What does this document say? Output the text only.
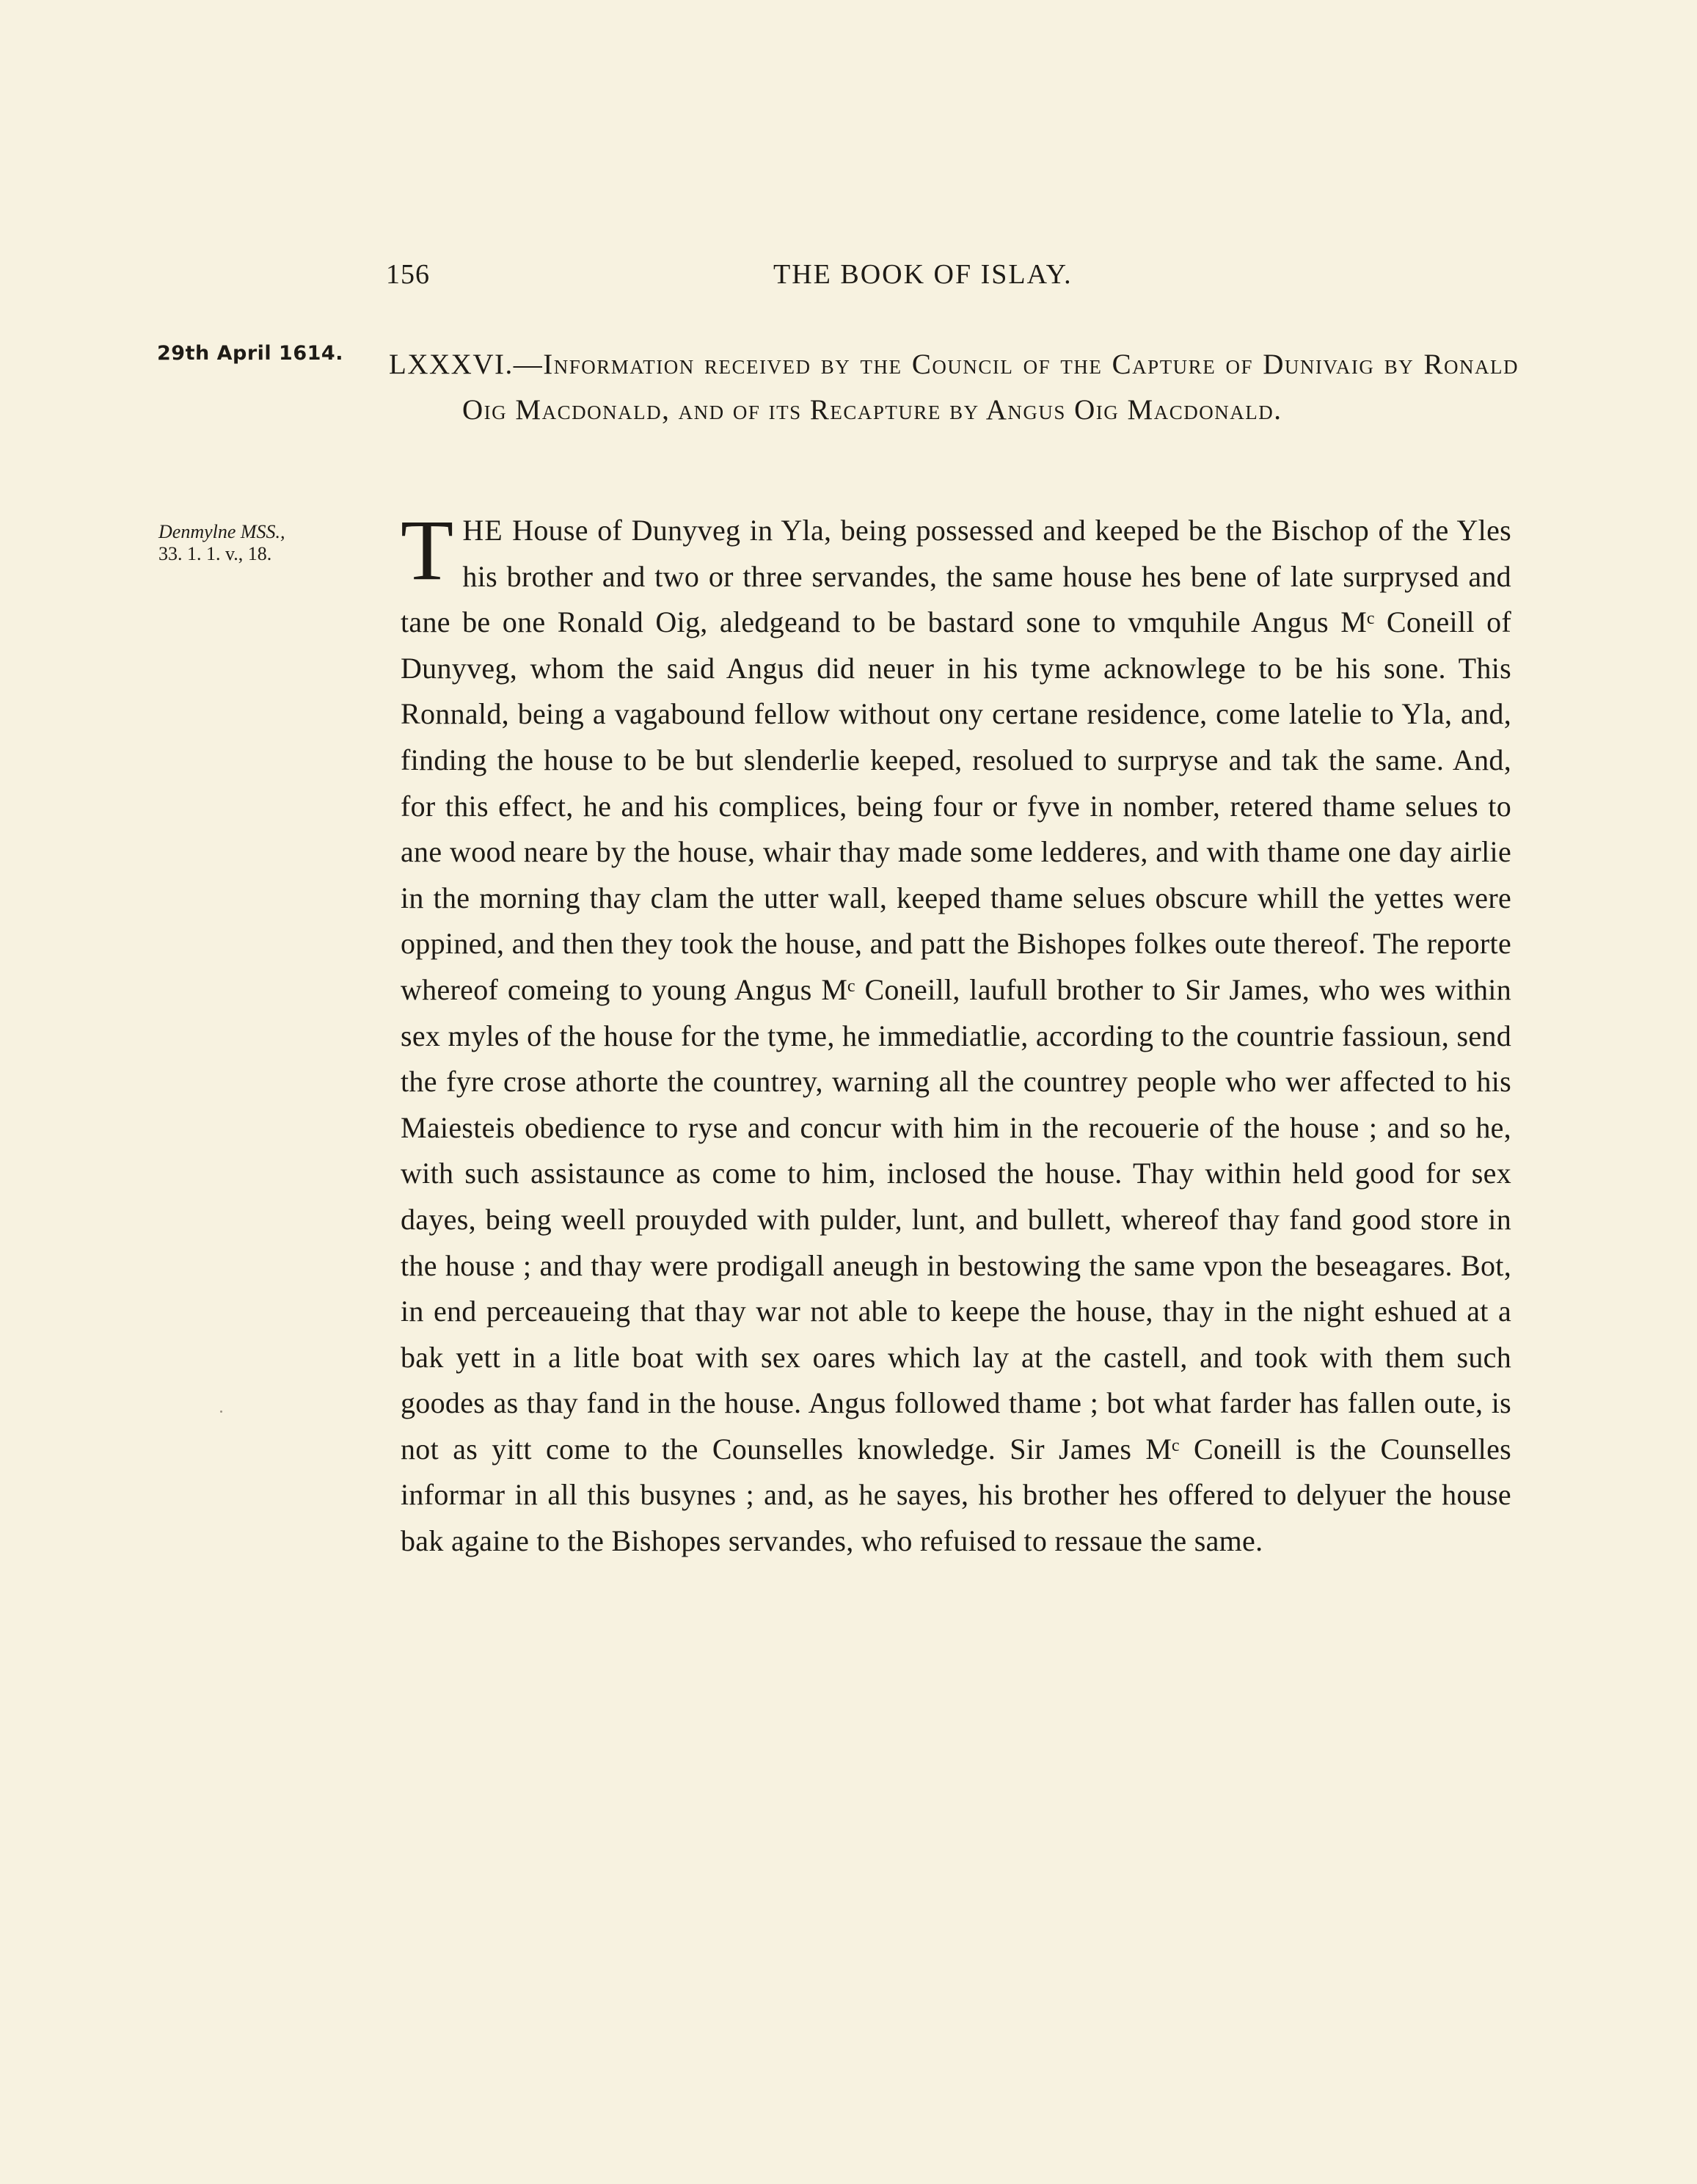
156	THE BOOK OF ISLAY.
29th April 1614.
Denmylne MSS.,
33. 1. 1. v., 18.
LXXXVI.—Information received by the Council of the Capture of Dunivaig by Ronald Oig Macdonald, and of its Recapture by Angus Oig Macdonald.
THE House of Dunyveg in Yla, being possessed and keeped be the Bischop of the Yles his brother and two or three servandes, the same house hes bene of late surprysed and tane be one Ronald Oig, aledgeand to be bastard sone to vmquhile Angus Mᶜ Coneill of Dunyveg, whom the said Angus did neuer in his tyme acknowlege to be his sone. This Ronnald, being a vagabound fellow without ony certane residence, come latelie to Yla, and, finding the house to be but slenderlie keeped, resolued to surpryse and tak the same. And, for this effect, he and his complices, being four or fyve in nomber, retered thame selues to ane wood neare by the house, whair thay made some ledderes, and with thame one day airlie in the morning thay clam the utter wall, keeped thame selues obscure whill the yettes were oppined, and then they took the house, and patt the Bishopes folkes oute thereof. The reporte whereof comeing to young Angus Mᶜ Coneill, laufull brother to Sir James, who wes within sex myles of the house for the tyme, he immediatlie, according to the countrie fassioun, send the fyre crose athorte the countrey, warning all the countrey people who wer affected to his Maiesteis obedience to ryse and concur with him in the recouerie of the house ; and so he, with such assistaunce as come to him, inclosed the house. Thay within held good for sex dayes, being weell prouyded with pulder, lunt, and bullett, whereof thay fand good store in the house ; and thay were prodigall aneugh in bestowing the same vpon the beseagares. Bot, in end perceaueing that thay war not able to keepe the house, thay in the night eshued at a bak yett in a litle boat with sex oares which lay at the castell, and took with them such goodes as thay fand in the house. Angus followed thame ; bot what farder has fallen oute, is not as yitt come to the Counselles knowledge. Sir James Mᶜ Coneill is the Counselles informar in all this busynes ; and, as he sayes, his brother hes offered to delyuer the house bak againe to the Bishopes servandes, who refuised to ressaue the same.
